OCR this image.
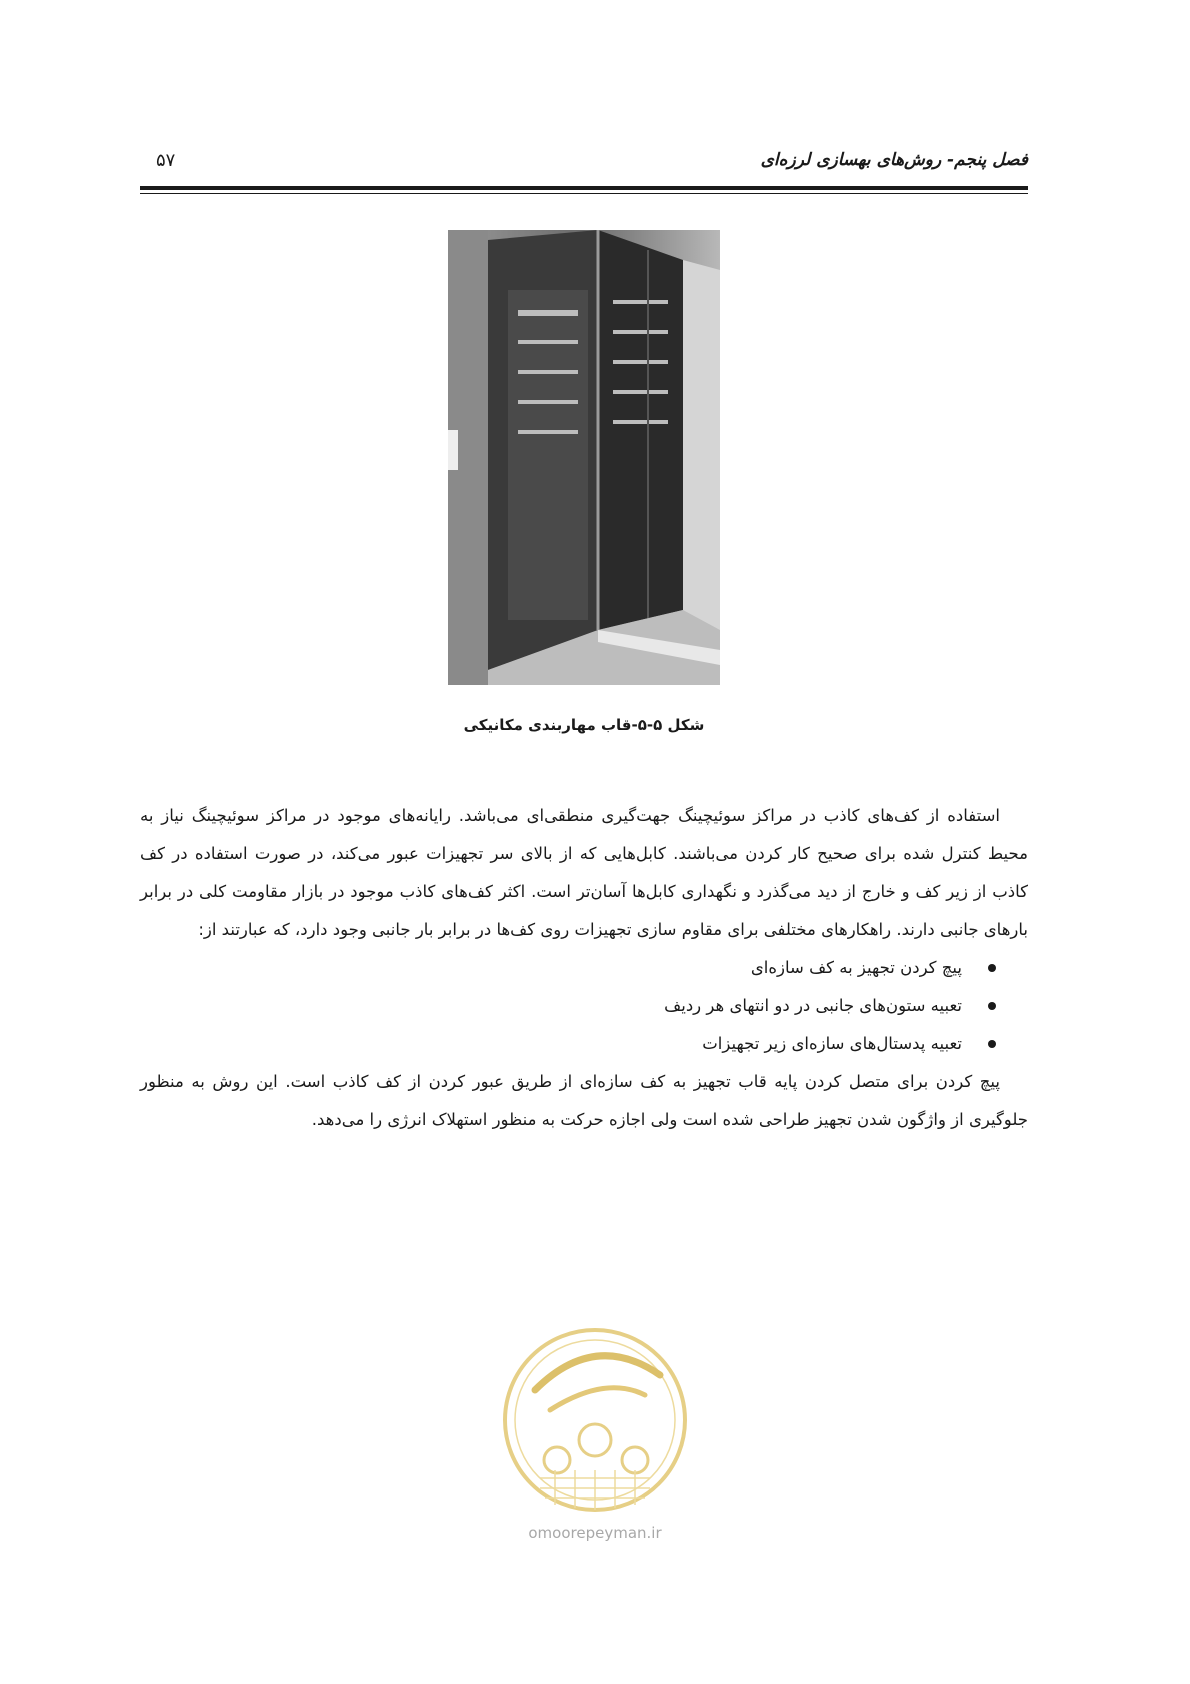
فصل پنجم- روش‌های بهسازی لرزه‌ای
۵۷
شکل ۵-۵-قاب مهاربندی مکانیکی

استفاده از کف‌های کاذب در مراکز سوئیچینگ جهت‌گیری منطقی‌ای می‌باشد. رایانه‌های موجود در مراکز سوئیچینگ نیاز به محیط کنترل شده برای صحیح کار کردن می‌باشند. کابل‌هایی که از بالای سر تجهیزات عبور می‌کند، در صورت استفاده در کف کاذب از زیر کف و خارج از دید می‌گذرد و نگهداری کابل‌ها آسان‌تر است. اکثر کف‌های کاذب موجود در بازار مقاومت کلی در برابر بارهای جانبی دارند. راهکارهای مختلفی برای مقاوم سازی تجهیزات روی کف‌ها در برابر بار جانبی وجود دارد، که عبارتند از:

پیچ کردن تجهیز به کف سازه‌ای
تعبیه ستون‌های جانبی در دو انتهای هر ردیف
تعبیه پدستال‌های سازه‌ای زیر تجهیزات

پیچ کردن برای متصل کردن پایه قاب تجهیز به کف سازه‌ای از طریق عبور کردن از کف کاذب است. این روش به منظور جلوگیری از واژگون شدن تجهیز طراحی شده است ولی اجازه حرکت به منظور استهلاک انرژی را می‌دهد.

omoorepeyman.ir
